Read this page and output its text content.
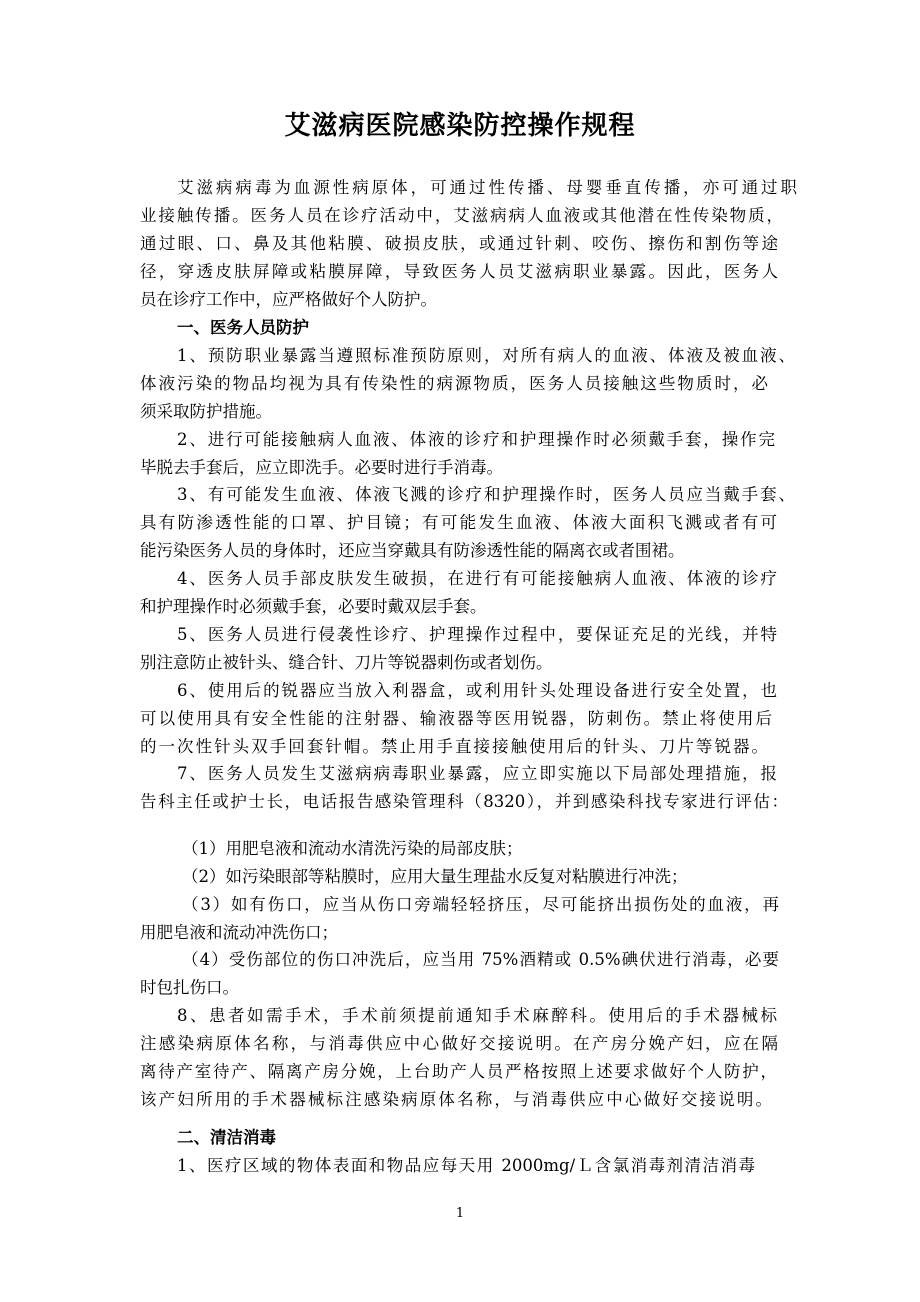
艾滋病医院感染防控操作规程
艾滋病病毒为血源性病原体，可通过性传播、母婴垂直传播，亦可通过职
业接触传播。医务人员在诊疗活动中，艾滋病病人血液或其他潜在性传染物质，
通过眼、口、鼻及其他粘膜、破损皮肤，或通过针刺、咬伤、擦伤和割伤等途
径，穿透皮肤屏障或粘膜屏障，导致医务人员艾滋病职业暴露。因此，医务人
员在诊疗工作中，应严格做好个人防护。
一、医务人员防护
1、预防职业暴露当遵照标准预防原则，对所有病人的血液、体液及被血液、
体液污染的物品均视为具有传染性的病源物质，医务人员接触这些物质时，必
须采取防护措施。
2、进行可能接触病人血液、体液的诊疗和护理操作时必须戴手套，操作完
毕脱去手套后，应立即洗手。必要时进行手消毒。
3、有可能发生血液、体液飞溅的诊疗和护理操作时，医务人员应当戴手套、
具有防渗透性能的口罩、护目镜；有可能发生血液、体液大面积飞溅或者有可
能污染医务人员的身体时，还应当穿戴具有防渗透性能的隔离衣或者围裙。
4、医务人员手部皮肤发生破损，在进行有可能接触病人血液、体液的诊疗
和护理操作时必须戴手套，必要时戴双层手套。
5、医务人员进行侵袭性诊疗、护理操作过程中，要保证充足的光线，并特
别注意防止被针头、缝合针、刀片等锐器刺伤或者划伤。
6、使用后的锐器应当放入利器盒，或利用针头处理设备进行安全处置，也
可以使用具有安全性能的注射器、输液器等医用锐器，防刺伤。禁止将使用后
的一次性针头双手回套针帽。禁止用手直接接触使用后的针头、刀片等锐器。
7、医务人员发生艾滋病病毒职业暴露，应立即实施以下局部处理措施，报
告科主任或护士长，电话报告感染管理科（8320），并到感染科找专家进行评估：
（1）用肥皂液和流动水清洗污染的局部皮肤；
（2）如污染眼部等粘膜时，应用大量生理盐水反复对粘膜进行冲洗；
（3）如有伤口，应当从伤口旁端轻轻挤压，尽可能挤出损伤处的血液，再
用肥皂液和流动冲洗伤口；
（4）受伤部位的伤口冲洗后，应当用 75%酒精或 0.5%碘伏进行消毒，必要
时包扎伤口。
8、患者如需手术，手术前须提前通知手术麻醉科。使用后的手术器械标
注感染病原体名称，与消毒供应中心做好交接说明。在产房分娩产妇，应在隔
离待产室待产、隔离产房分娩，上台助产人员严格按照上述要求做好个人防护，
该产妇所用的手术器械标注感染病原体名称，与消毒供应中心做好交接说明。
二、清洁消毒
1、医疗区域的物体表面和物品应每天用 2000mg/Ｌ含氯消毒剂清洁消毒
1
